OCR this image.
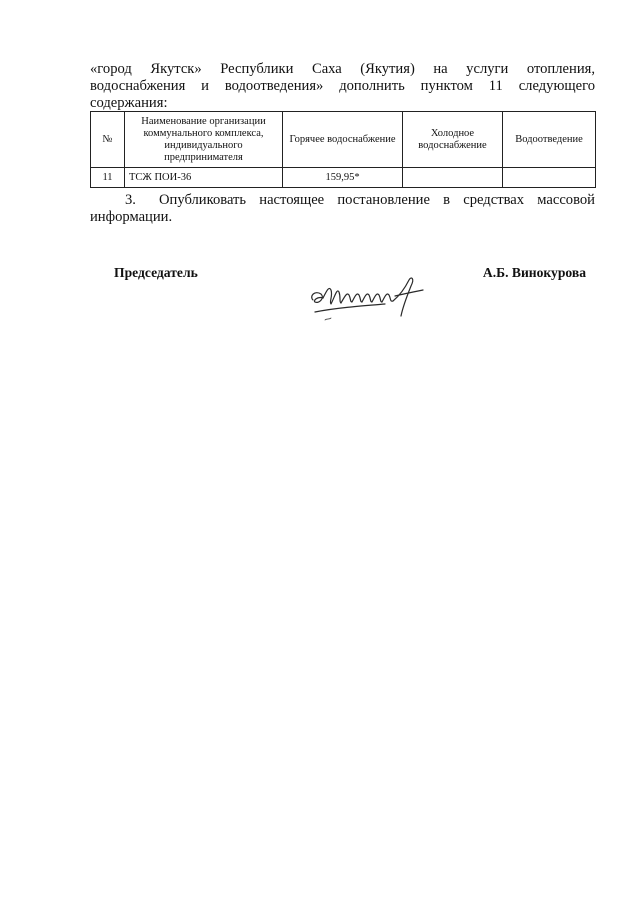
«город Якутск» Республики Саха (Якутия) на услуги отопления,
водоснабжения и водоотведения» дополнить пунктом 11 следующего
содержания:
№	Наименование организации коммунального комплекса, индивидуального предпринимателя	Горячее водоснабжение	Холодное водоснабжение	Водоотведение
11	ТСЖ ПОИ-36	159,95*		
3. Опубликовать настоящее постановление в средствах массовой
информации.
Председатель	А.Б. Винокурова
